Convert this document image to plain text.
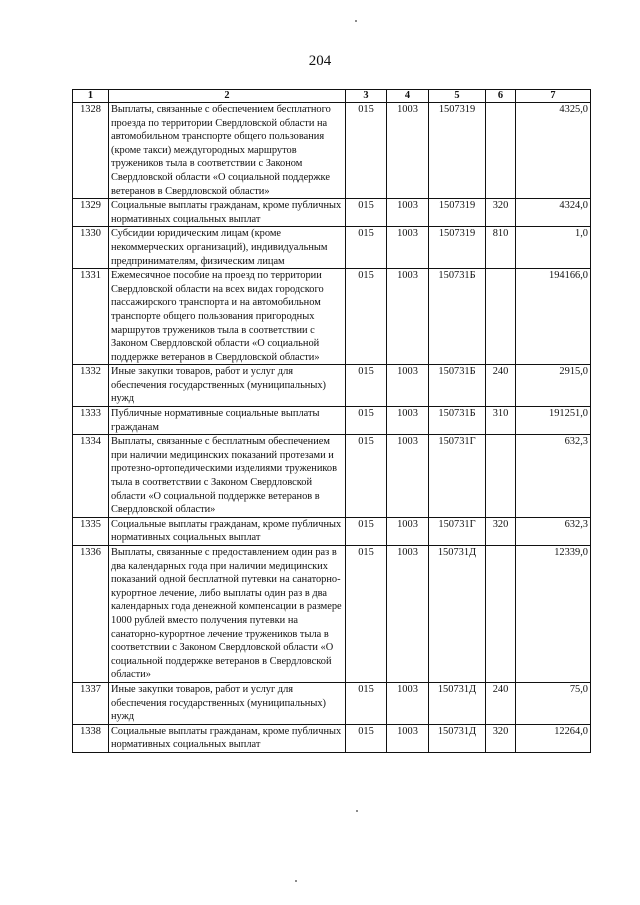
204
1	2	3	4	5	6	7
1328	Выплаты, связанные с обеспечением бесплатного проезда по территории Свердловской области на автомобильном транспорте общего пользования (кроме такси) междугородных маршрутов тружеников тыла в соответствии с Законом Свердловской области «О социальной поддержке ветеранов в Свердловской области»	015	1003	1507319		4325,0
1329	Социальные выплаты гражданам, кроме публичных нормативных социальных выплат	015	1003	1507319	320	4324,0
1330	Субсидии юридическим лицам (кроме некоммерческих организаций), индивидуальным предпринимателям, физическим лицам	015	1003	1507319	810	1,0
1331	Ежемесячное пособие на проезд по территории Свердловской области на всех видах городского пассажирского транспорта и на автомобильном транспорте общего пользования пригородных маршрутов тружеников тыла в соответствии с Законом Свердловской области «О социальной поддержке ветеранов в Свердловской области»	015	1003	150731Б		194166,0
1332	Иные закупки товаров, работ и услуг для обеспечения государственных (муниципальных) нужд	015	1003	150731Б	240	2915,0
1333	Публичные нормативные социальные выплаты гражданам	015	1003	150731Б	310	191251,0
1334	Выплаты, связанные с бесплатным обеспечением при наличии медицинских показаний протезами и протезно-ортопедическими изделиями тружеников тыла в соответствии с Законом Свердловской области «О социальной поддержке ветеранов в Свердловской области»	015	1003	150731Г		632,3
1335	Социальные выплаты гражданам, кроме публичных нормативных социальных выплат	015	1003	150731Г	320	632,3
1336	Выплаты, связанные с предоставлением один раз в два календарных года при наличии медицинских показаний одной бесплатной путевки на санаторно-курортное лечение, либо выплаты один раз в два календарных года денежной компенсации в размере 1000 рублей вместо получения путевки на санаторно-курортное лечение тружеников тыла в соответствии с Законом Свердловской области «О социальной поддержке ветеранов в Свердловской области»	015	1003	150731Д		12339,0
1337	Иные закупки товаров, работ и услуг для обеспечения государственных (муниципальных) нужд	015	1003	150731Д	240	75,0
1338	Социальные выплаты гражданам, кроме публичных нормативных социальных выплат	015	1003	150731Д	320	12264,0
